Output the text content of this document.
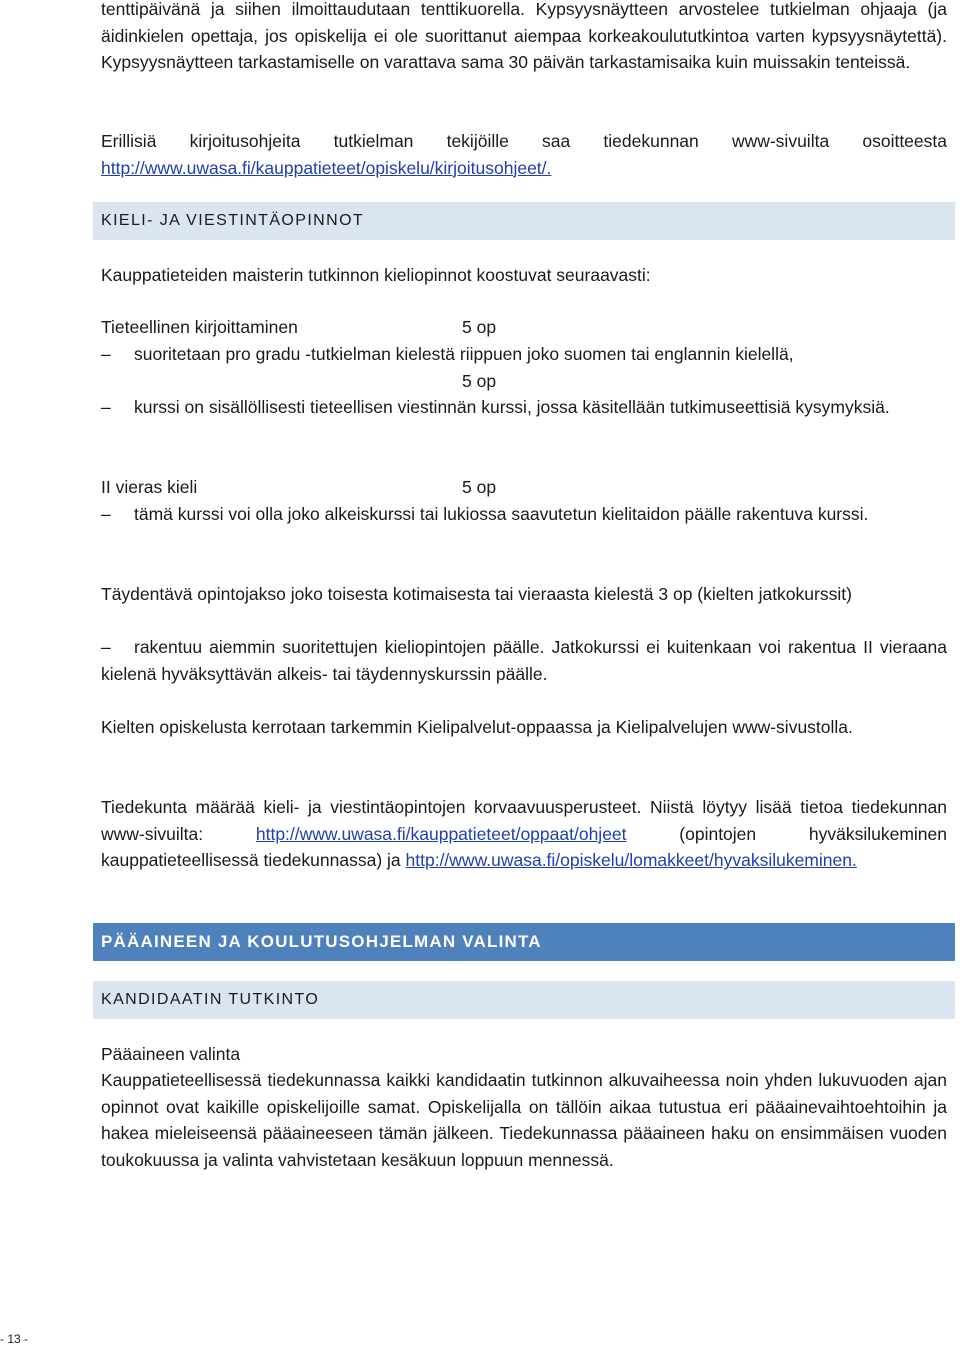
tenttipäivänä ja siihen ilmoittaudutaan tenttikuorella. Kypsyysnäytteen arvostelee tutkielman ohjaaja (ja äidinkielen opettaja, jos opiskelija ei ole suorittanut aiempaa korkeakoulututkintoa varten kypsyysnäytettä). Kypsyysnäytteen tarkastamiselle on varattava sama 30 päivän tarkastamisaika kuin muissakin tenteissä.

Erillisiä kirjoitusohjeita tutkielman tekijöille saa tiedekunnan www-sivuilta osoitteesta http://www.uwasa.fi/kauppatieteet/opiskelu/kirjoitusohjeet/.

KIELI- JA VIESTINTÄOPINNOT

Kauppatieteiden maisterin tutkinnon kieliopinnot koostuvat seuraavasti:

Tieteellinen kirjoittaminen	5 op

– suoritetaan pro gradu -tutkielman kielestä riippuen joko suomen tai englannin kielellä,

5 op

– kurssi on sisällöllisesti tieteellisen viestinnän kurssi, jossa käsitellään tutkimuseettisiä kysymyksiä.

II vieras kieli	5 op

– tämä kurssi voi olla joko alkeiskurssi tai lukiossa saavutetun kielitaidon päälle rakentuva kurssi.

Täydentävä opintojakso joko toisesta kotimaisesta tai vieraasta kielestä 3 op (kielten jatkokurssit)

– rakentuu aiemmin suoritettujen kieliopintojen päälle. Jatkokurssi ei kuitenkaan voi rakentua II vieraana kielenä hyväksyttävän alkeis- tai täydennyskurssin päälle.

Kielten opiskelusta kerrotaan tarkemmin Kielipalvelut-oppaassa ja Kielipalvelujen www-sivustolla.

Tiedekunta määrää kieli- ja viestintäopintojen korvaavuusperusteet. Niistä löytyy lisää tietoa tiedekunnan www-sivuilta:	http://www.uwasa.fi/kauppatieteet/oppaat/ohjeet	(opintojen hyväksilukeminen kauppatieteellisessä tiedekunnassa) ja http://www.uwasa.fi/opiskelu/lomakkeet/hyvaksilukeminen.

PÄÄAINEEN JA KOULUTUSOHJELMAN VALINTA
KANDIDAATIN TUTKINTO

Pääaineen valinta

Kauppatieteellisessä tiedekunnassa kaikki kandidaatin tutkinnon alkuvaiheessa noin yhden lukuvuoden ajan opinnot ovat kaikille opiskelijoille samat. Opiskelijalla on tällöin aikaa tutustua eri pääainevaihtoehtoihin ja hakea mieleiseensä pääaineeseen tämän jälkeen. Tiedekunnassa pääaineen haku on ensimmäisen vuoden toukokuussa ja valinta vahvistetaan kesäkuun loppuun mennessä.

- 13 -
